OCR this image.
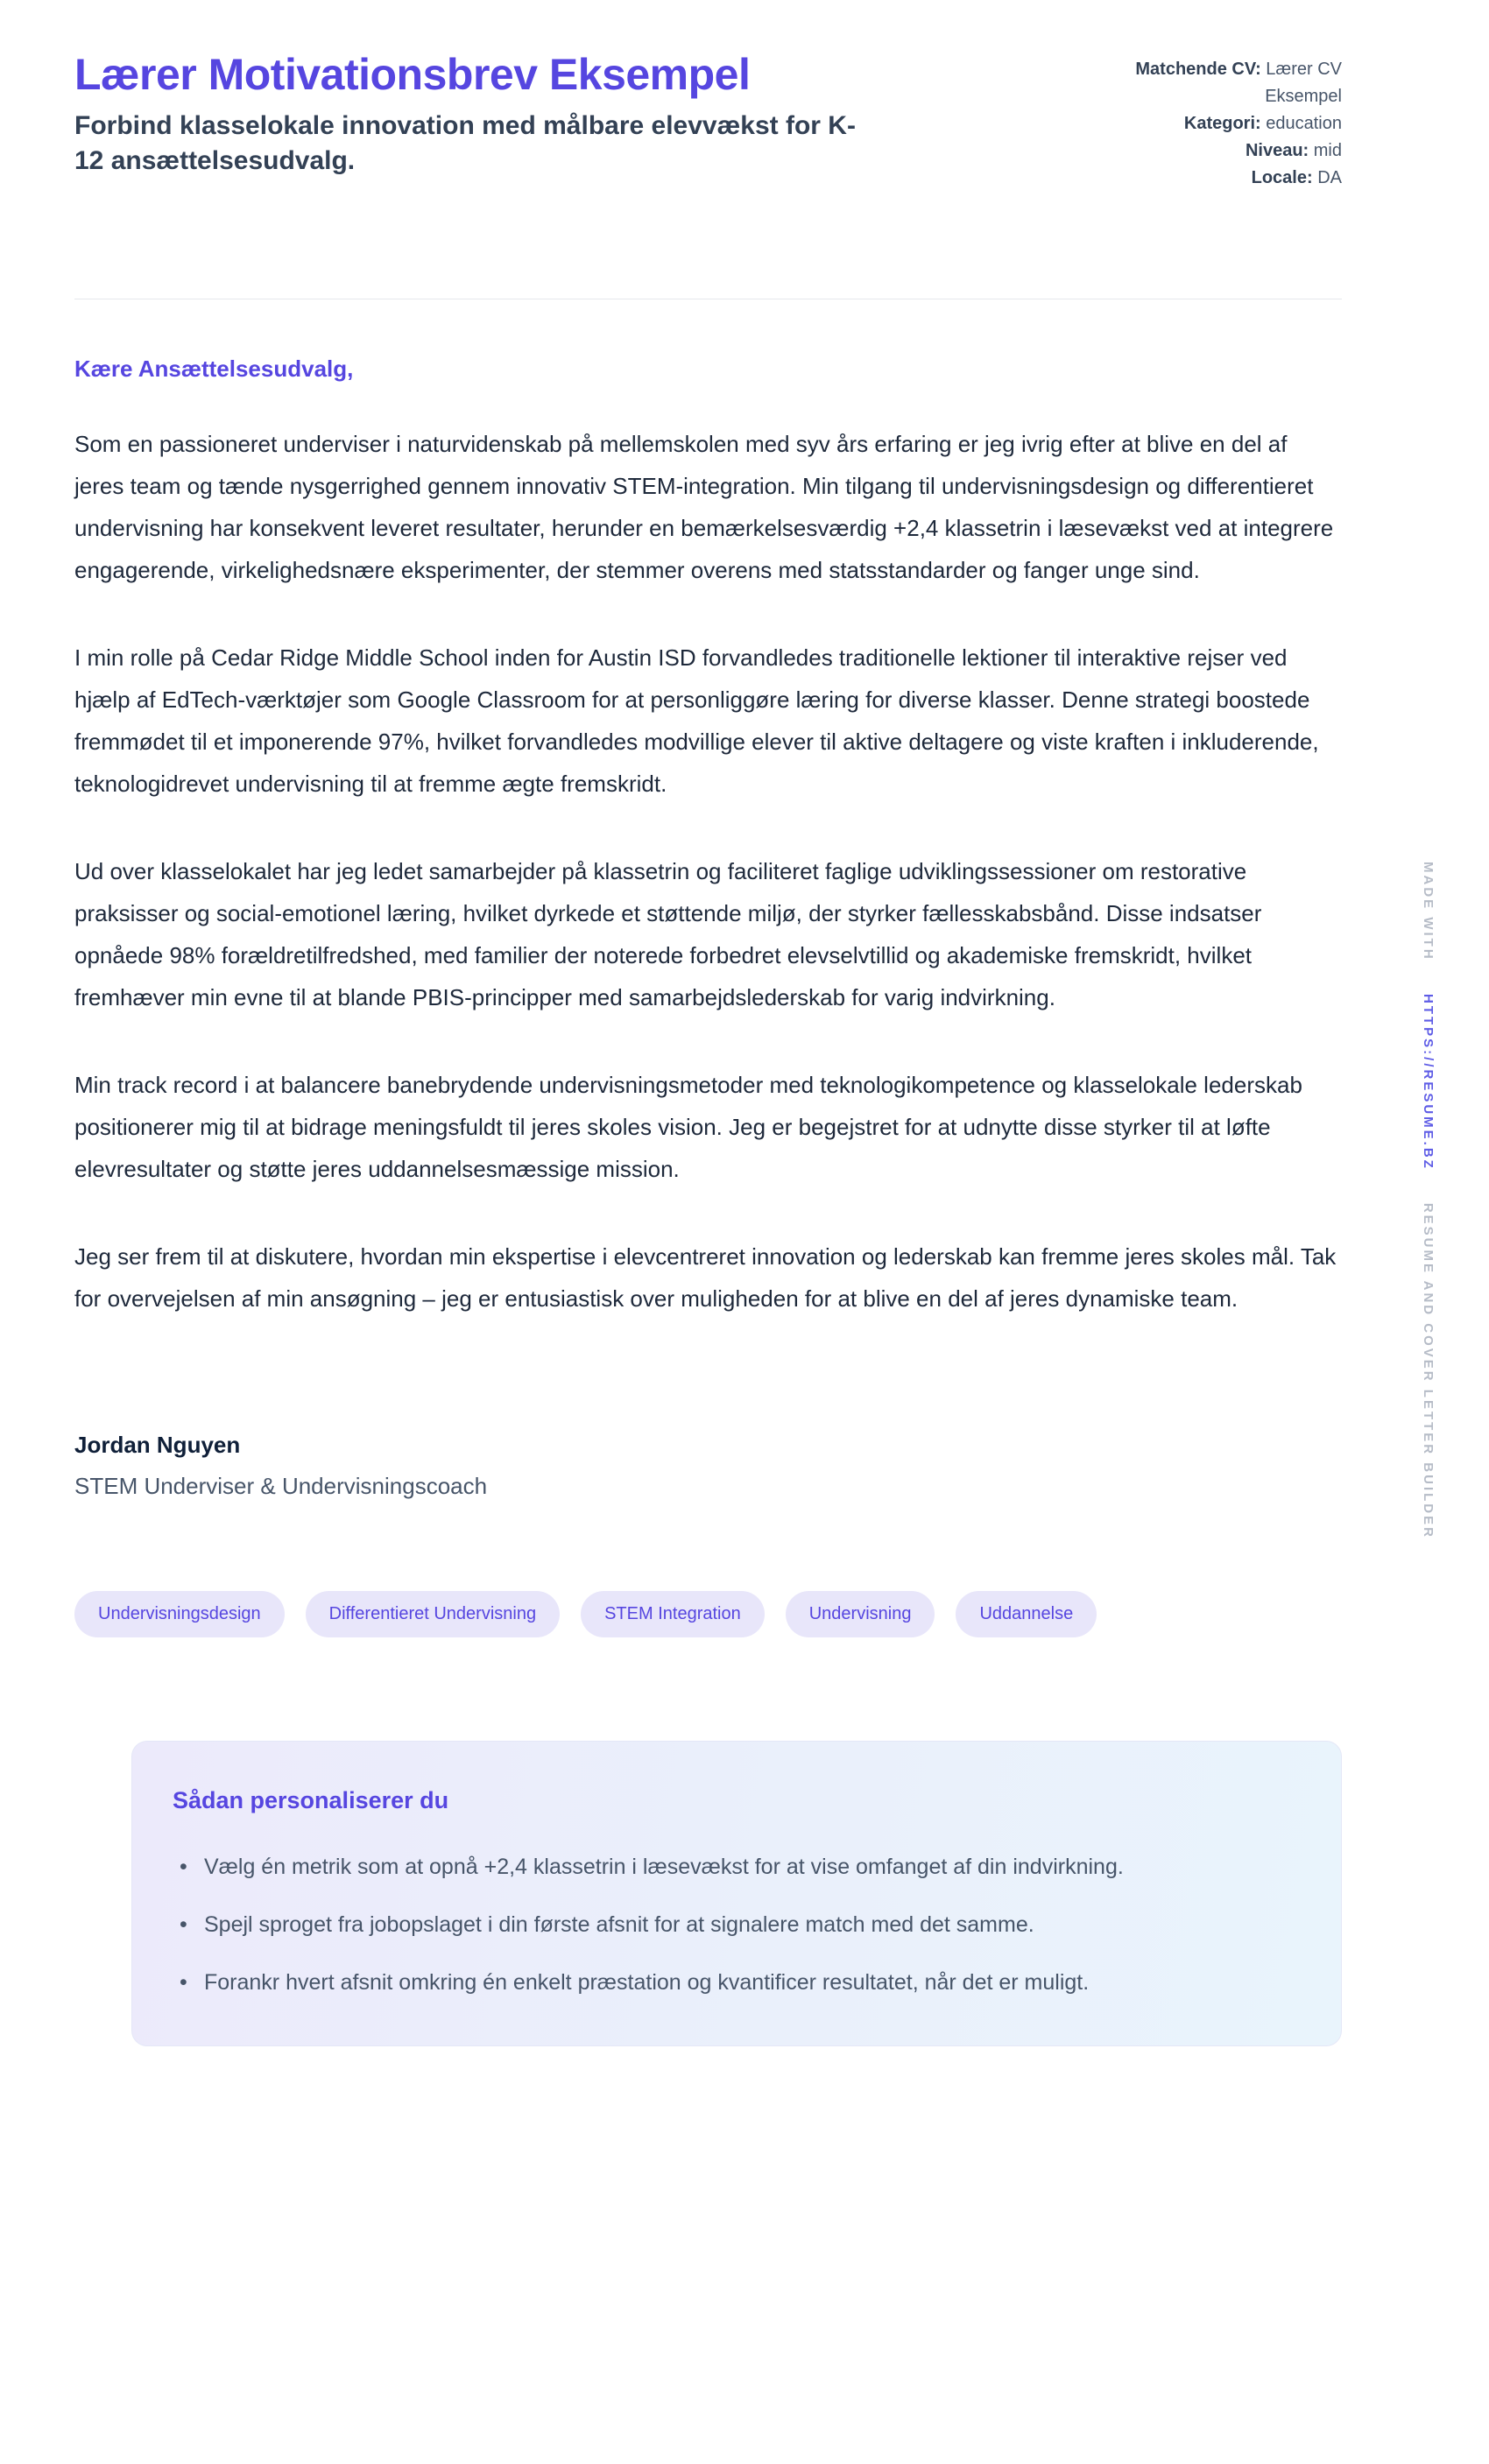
Lærer Motivationsbrev Eksempel

Forbind klasselokale innovation med målbare elevvækst for K-12 ansættelsesudvalg.

Matchende CV: Lærer CV Eksempel
Kategori: education
Niveau: mid
Locale: DA
Kære Ansættelsesudvalg,

Som en passioneret underviser i naturvidenskab på mellemskolen med syv års erfaring er jeg ivrig efter at blive en del af jeres team og tænde nysgerrighed gennem innovativ STEM-integration. Min tilgang til undervisningsdesign og differentieret undervisning har konsekvent leveret resultater, herunder en bemærkelsesværdig +2,4 klassetrin i læsevækst ved at integrere engagerende, virkelighedsnære eksperimenter, der stemmer overens med statsstandarder og fanger unge sind.

I min rolle på Cedar Ridge Middle School inden for Austin ISD forvandledes traditionelle lektioner til interaktive rejser ved hjælp af EdTech-værktøjer som Google Classroom for at personliggøre læring for diverse klasser. Denne strategi boostede fremmødet til et imponerende 97%, hvilket forvandledes modvillige elever til aktive deltagere og viste kraften i inkluderende, teknologidrevet undervisning til at fremme ægte fremskridt.

Ud over klasselokalet har jeg ledet samarbejder på klassetrin og faciliteret faglige udviklingssessioner om restorative praksisser og social-emotionel læring, hvilket dyrkede et støttende miljø, der styrker fællesskabsbånd. Disse indsatser opnåede 98% forældretilfredshed, med familier der noterede forbedret elevselvtillid og akademiske fremskridt, hvilket fremhæver min evne til at blande PBIS-principper med samarbejdslederskab for varig indvirkning.

Min track record i at balancere banebrydende undervisningsmetoder med teknologikompetence og klasselokale lederskab positionerer mig til at bidrage meningsfuldt til jeres skoles vision. Jeg er begejstret for at udnytte disse styrker til at løfte elevresultater og støtte jeres uddannelsesmæssige mission.

Jeg ser frem til at diskutere, hvordan min ekspertise i elevcentreret innovation og lederskab kan fremme jeres skoles mål. Tak for overvejelsen af min ansøgning – jeg er entusiastisk over muligheden for at blive en del af jeres dynamiske team.

Jordan Nguyen
STEM Underviser & Undervisningscoach
Undervisningsdesign	Differentieret Undervisning	STEM Integration	Undervisning	Uddannelse
Sådan personaliserer du
• Vælg én metrik som at opnå +2,4 klassetrin i læsevækst for at vise omfanget af din indvirkning.
• Spejl sproget fra jobopslaget i din første afsnit for at signalere match med det samme.
• Forankr hvert afsnit omkring én enkelt præstation og kvantificer resultatet, når det er muligt.
MADE WITH HTTPS://RESUME.BZ RESUME AND COVER LETTER BUILDER
